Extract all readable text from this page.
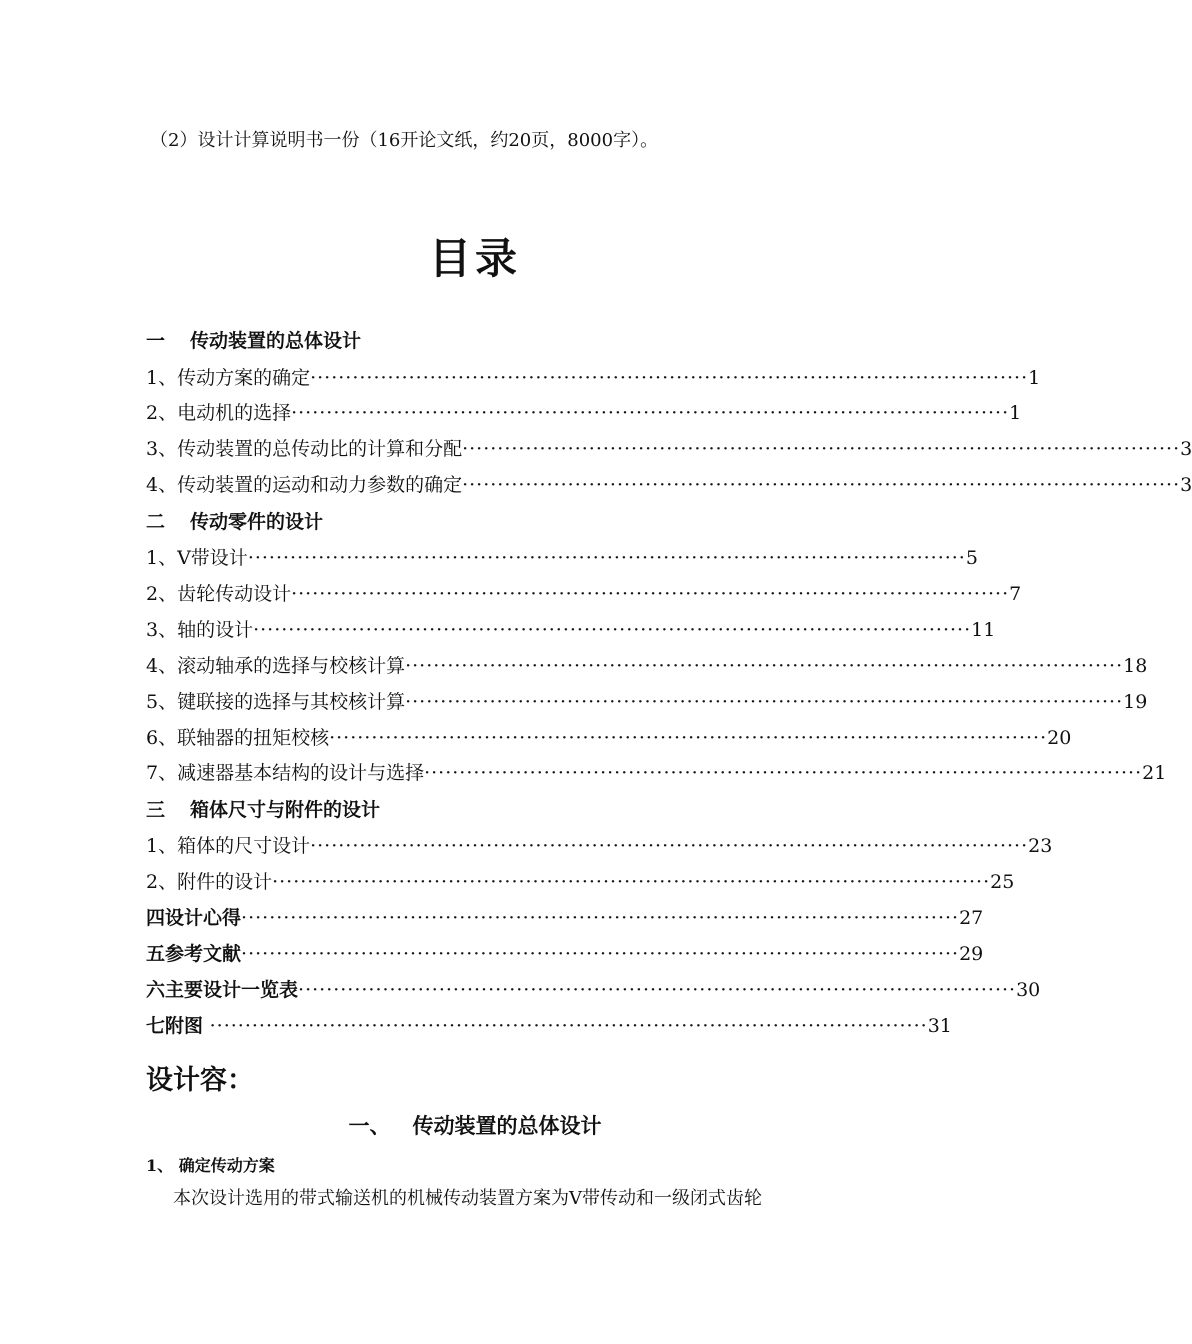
（2）设计计算说明书一份（16开论文纸，约20页，8000字）。
目录
一 传动装置的总体设计
1、传动方案的确定 ······································································································ 1
2、电动机的选择 ······································································································ 1
3、传动装置的总传动比的计算和分配 ······································································································ 3
4、传动装置的运动和动力参数的确定 ······································································································ 3
二 传动零件的设计
1、V带设计 ······································································································ 5
2、齿轮传动设计 ······································································································ 7
3、轴的设计 ······································································································ 11
4、滚动轴承的选择与校核计算 ······································································································ 18
5、键联接的选择与其校核计算 ······································································································ 19
6、联轴器的扭矩校核 ······································································································ 20
7、减速器基本结构的设计与选择 ······································································································ 21
三 箱体尺寸与附件的设计
1、箱体的尺寸设计 ······································································································ 23
2、附件的设计 ······································································································ 25
四 设计心得 ······································································································ 27
五 参考文献 ······································································································ 29
六 主要设计一览表 ······································································································ 30
七 附图 ······································································································ 31
设计容：
一、   传动装置的总体设计
1、 确定传动方案
本次设计选用的带式输送机的机械传动装置方案为V带传动和一级闭式齿轮
